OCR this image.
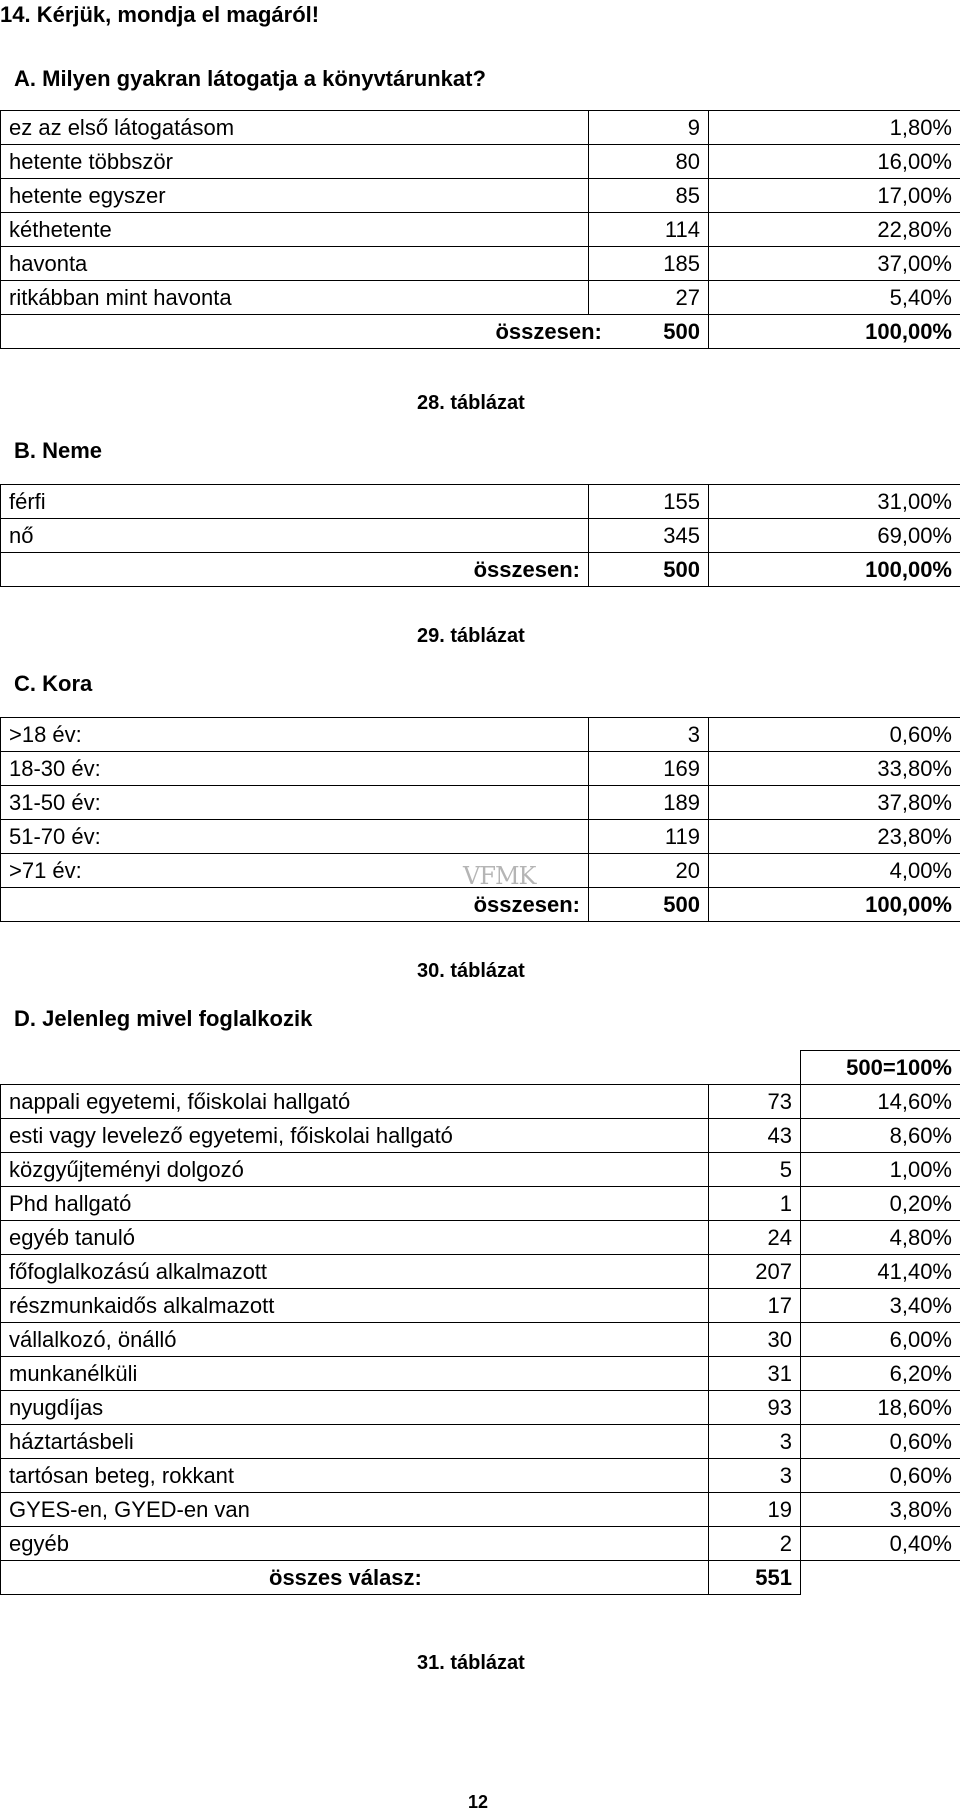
14. Kérjük, mondja el magáról!
A. Milyen gyakran látogatja a könyvtárunkat?
ez az első látogatásom	9	1,80%
hetente többször	80	16,00%
hetente egyszer	85	17,00%
kéthetente	114	22,80%
havonta	185	37,00%
ritkábban mint havonta	27	5,40%
összesen: 500		100,00%
28. táblázat
B. Neme
férfi	155	31,00%
nő	345	69,00%
összesen:	500	100,00%
29. táblázat
C. Kora
>18 év:	3	0,60%
18-30 év:	169	33,80%
31-50 év:	189	37,80%
51-70 év:	119	23,80%
>71 év:	20	4,00%
összesen:	500	100,00%
VFMK
30. táblázat
D. Jelenleg mivel foglalkozik
		500=100%
nappali egyetemi, főiskolai hallgató	73	14,60%
esti vagy levelező egyetemi, főiskolai hallgató	43	8,60%
közgyűjteményi dolgozó	5	1,00%
Phd hallgató	1	0,20%
egyéb tanuló	24	4,80%
főfoglalkozású alkalmazott	207	41,40%
részmunkaidős alkalmazott	17	3,40%
vállalkozó, önálló	30	6,00%
munkanélküli	31	6,20%
nyugdíjas	93	18,60%
háztartásbeli	3	0,60%
tartósan beteg, rokkant	3	0,60%
GYES-en, GYED-en van	19	3,80%
egyéb	2	0,40%
összes válasz:	551	
31. táblázat
12
